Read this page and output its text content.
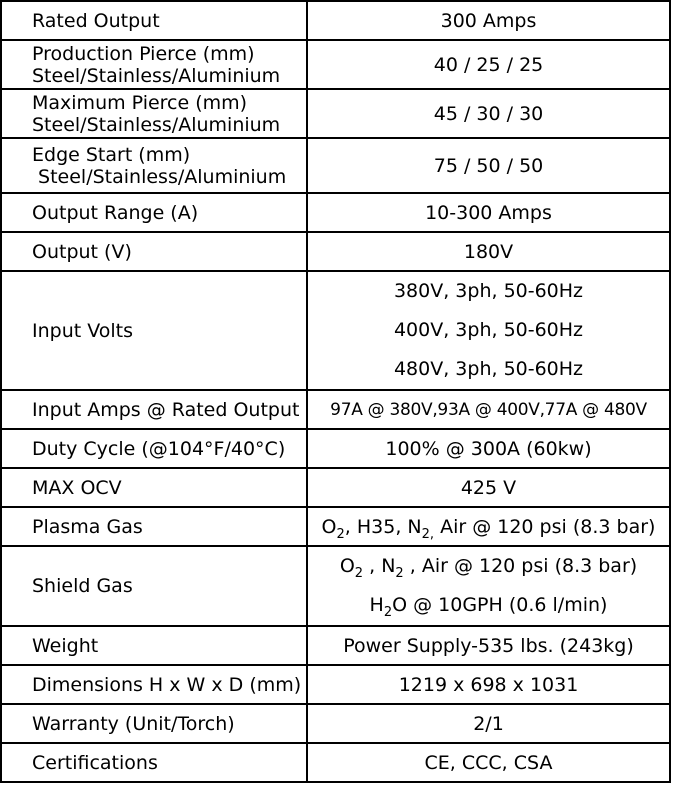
Rated Output	300 Amps

Production Pierce (mm)
Steel/Stainless/Aluminium	40 / 25 / 25

Maximum Pierce (mm)
Steel/Stainless/Aluminium	45 / 30 / 30

Edge Start (mm)
Steel/Stainless/Aluminium	75 / 50 / 50
Output Range (A)	10-300 Amps
Output (V)	180V
Input Volts	380V, 3ph, 50-60Hz
400V, 3ph, 50-60Hz
480V, 3ph, 50-60Hz

Input Amps @ Rated Output	97A @ 380V,93A @ 400V,77A @ 480V
Duty Cycle (@104°F/40°C)	100% @ 300A (60kw)
MAX OCV	425 V
Plasma Gas	$O_2$, H35, $N_{2,}$ Air @ 120 psi (8.3 bar)
Shield Gas	$O_2$ , $N_2$ , Air @ 120 psi (8.3 bar)
$H_2O$ @ 10GPH (0.6 l/min)

Weight	Power Supply-535 lbs. (243kg)
Dimensions H x W x D (mm)	1219 x 698 x 1031
Warranty (Unit/Torch)	2/1
Certifications	CE, CCC, CSA
